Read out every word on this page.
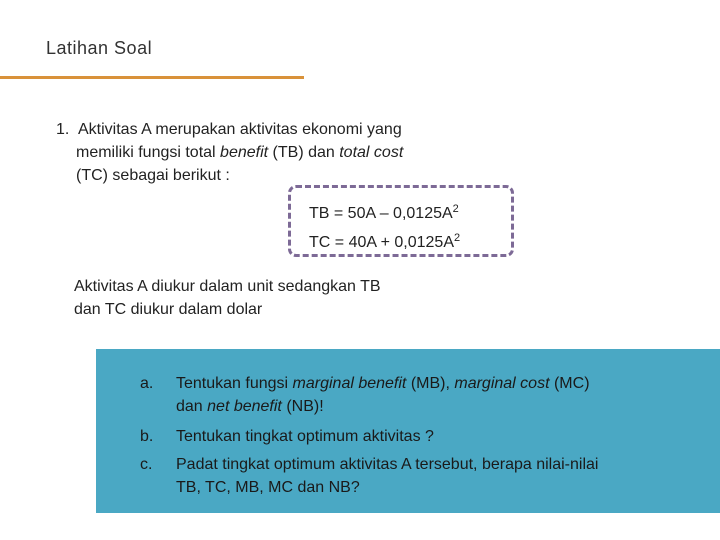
Latihan Soal
1. Aktivitas A merupakan aktivitas ekonomi yang
memiliki fungsi total benefit (TB) dan total cost
(TC) sebagai berikut :
TB = $50A - 0,0125A^2$
TC = $40A + 0,0125A^2$
Aktivitas A diukur dalam unit sedangkan TB
dan TC diukur dalam dolar
a. Tentukan fungsi marginal benefit (MB), marginal cost (MC)
dan net benefit (NB)!
b. Tentukan tingkat optimum aktivitas ?
c. Padat tingkat optimum aktivitas A tersebut, berapa nilai-nilai
TB, TC, MB, MC dan NB?
